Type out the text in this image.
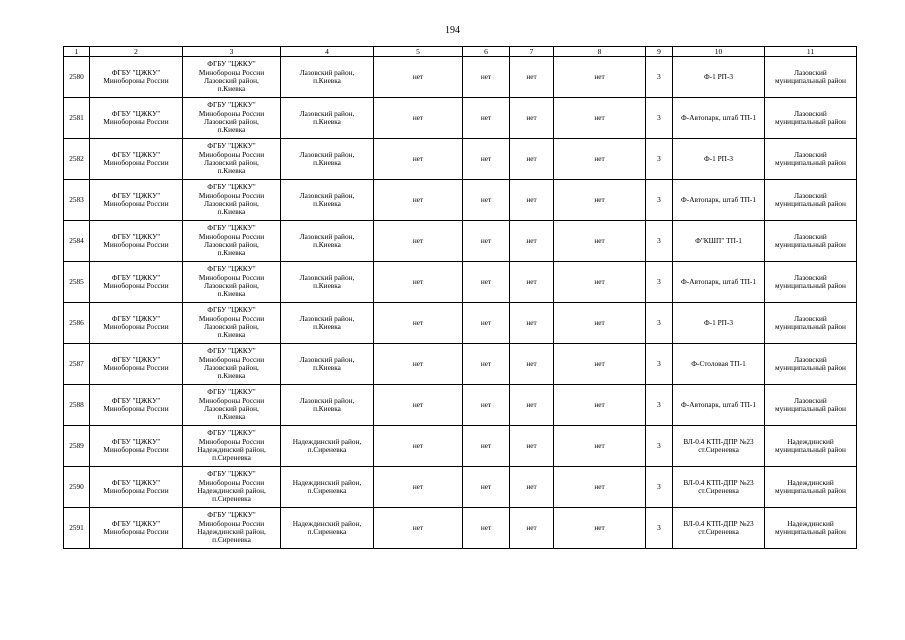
194
1	2	3	4	5	6	7	8	9	10	11
2580	ФГБУ "ЦЖКУ"
Минобороны России	ФГБУ "ЦЖКУ"
Минобороны России
Лазовский район,
п.Киевка	Лазовский район,
п.Киевка	нет	нет	нет	нет	3	Ф-1 РП-3	Лазовский
муниципальный район

2581	ФГБУ "ЦЖКУ"
Минобороны России	ФГБУ "ЦЖКУ"
Минобороны России
Лазовский район,
п.Киевка	Лазовский район,
п.Киевка	нет	нет	нет	нет	3	Ф-Автопарк, штаб ТП-1	Лазовский
муниципальный район

2582	ФГБУ "ЦЖКУ"
Минобороны России	ФГБУ "ЦЖКУ"
Минобороны России
Лазовский район,
п.Киевка	Лазовский район,
п.Киевка	нет	нет	нет	нет	3	Ф-1 РП-3	Лазовский
муниципальный район

2583	ФГБУ "ЦЖКУ"
Минобороны России	ФГБУ "ЦЖКУ"
Минобороны России
Лазовский район,
п.Киевка	Лазовский район,
п.Киевка	нет	нет	нет	нет	3	Ф-Автопарк, штаб ТП-1	Лазовский
муниципальный район

2584	ФГБУ "ЦЖКУ"
Минобороны России	ФГБУ "ЦЖКУ"
Минобороны России
Лазовский район,
п.Киевка	Лазовский район,
п.Киевка	нет	нет	нет	нет	3	Ф"КШП" ТП-1	Лазовский
муниципальный район

2585	ФГБУ "ЦЖКУ"
Минобороны России	ФГБУ "ЦЖКУ"
Минобороны России
Лазовский район,
п.Киевка	Лазовский район,
п.Киевка	нет	нет	нет	нет	3	Ф-Автопарк, штаб ТП-1	Лазовский
муниципальный район

2586	ФГБУ "ЦЖКУ"
Минобороны России	ФГБУ "ЦЖКУ"
Минобороны России
Лазовский район,
п.Киевка	Лазовский район,
п.Киевка	нет	нет	нет	нет	3	Ф-1 РП-3	Лазовский
муниципальный район

2587	ФГБУ "ЦЖКУ"
Минобороны России	ФГБУ "ЦЖКУ"
Минобороны России
Лазовский район,
п.Киевка	Лазовский район,
п.Киевка	нет	нет	нет	нет	3	Ф-Столовая ТП-1	Лазовский
муниципальный район

2588	ФГБУ "ЦЖКУ"
Минобороны России	ФГБУ "ЦЖКУ"
Минобороны России
Лазовский район,
п.Киевка	Лазовский район,
п.Киевка	нет	нет	нет	нет	3	Ф-Автопарк, штаб ТП-1	Лазовский
муниципальный район

2589	ФГБУ "ЦЖКУ"
Минобороны России	ФГБУ "ЦЖКУ"
Минобороны России
Надеждинский район,
п.Сиреневка	Надеждинский район,
п.Сиреневка	нет	нет	нет	нет	3	ВЛ-0.4 КТП-ДПР №23
ст.Сиреневка	Надеждинский
муниципальный район

2590	ФГБУ "ЦЖКУ"
Минобороны России	ФГБУ "ЦЖКУ"
Минобороны России
Надеждинский район,
п.Сиреневка	Надеждинский район,
п.Сиреневка	нет	нет	нет	нет	3	ВЛ-0.4 КТП-ДПР №23
ст.Сиреневка	Надеждинский
муниципальный район

2591	ФГБУ "ЦЖКУ"
Минобороны России	ФГБУ "ЦЖКУ"
Минобороны России
Надеждинский район,
п.Сиреневка	Надеждинский район,
п.Сиреневка	нет	нет	нет	нет	3	ВЛ-0.4 КТП-ДПР №23
ст.Сиреневка	Надеждинский
муниципальный район
